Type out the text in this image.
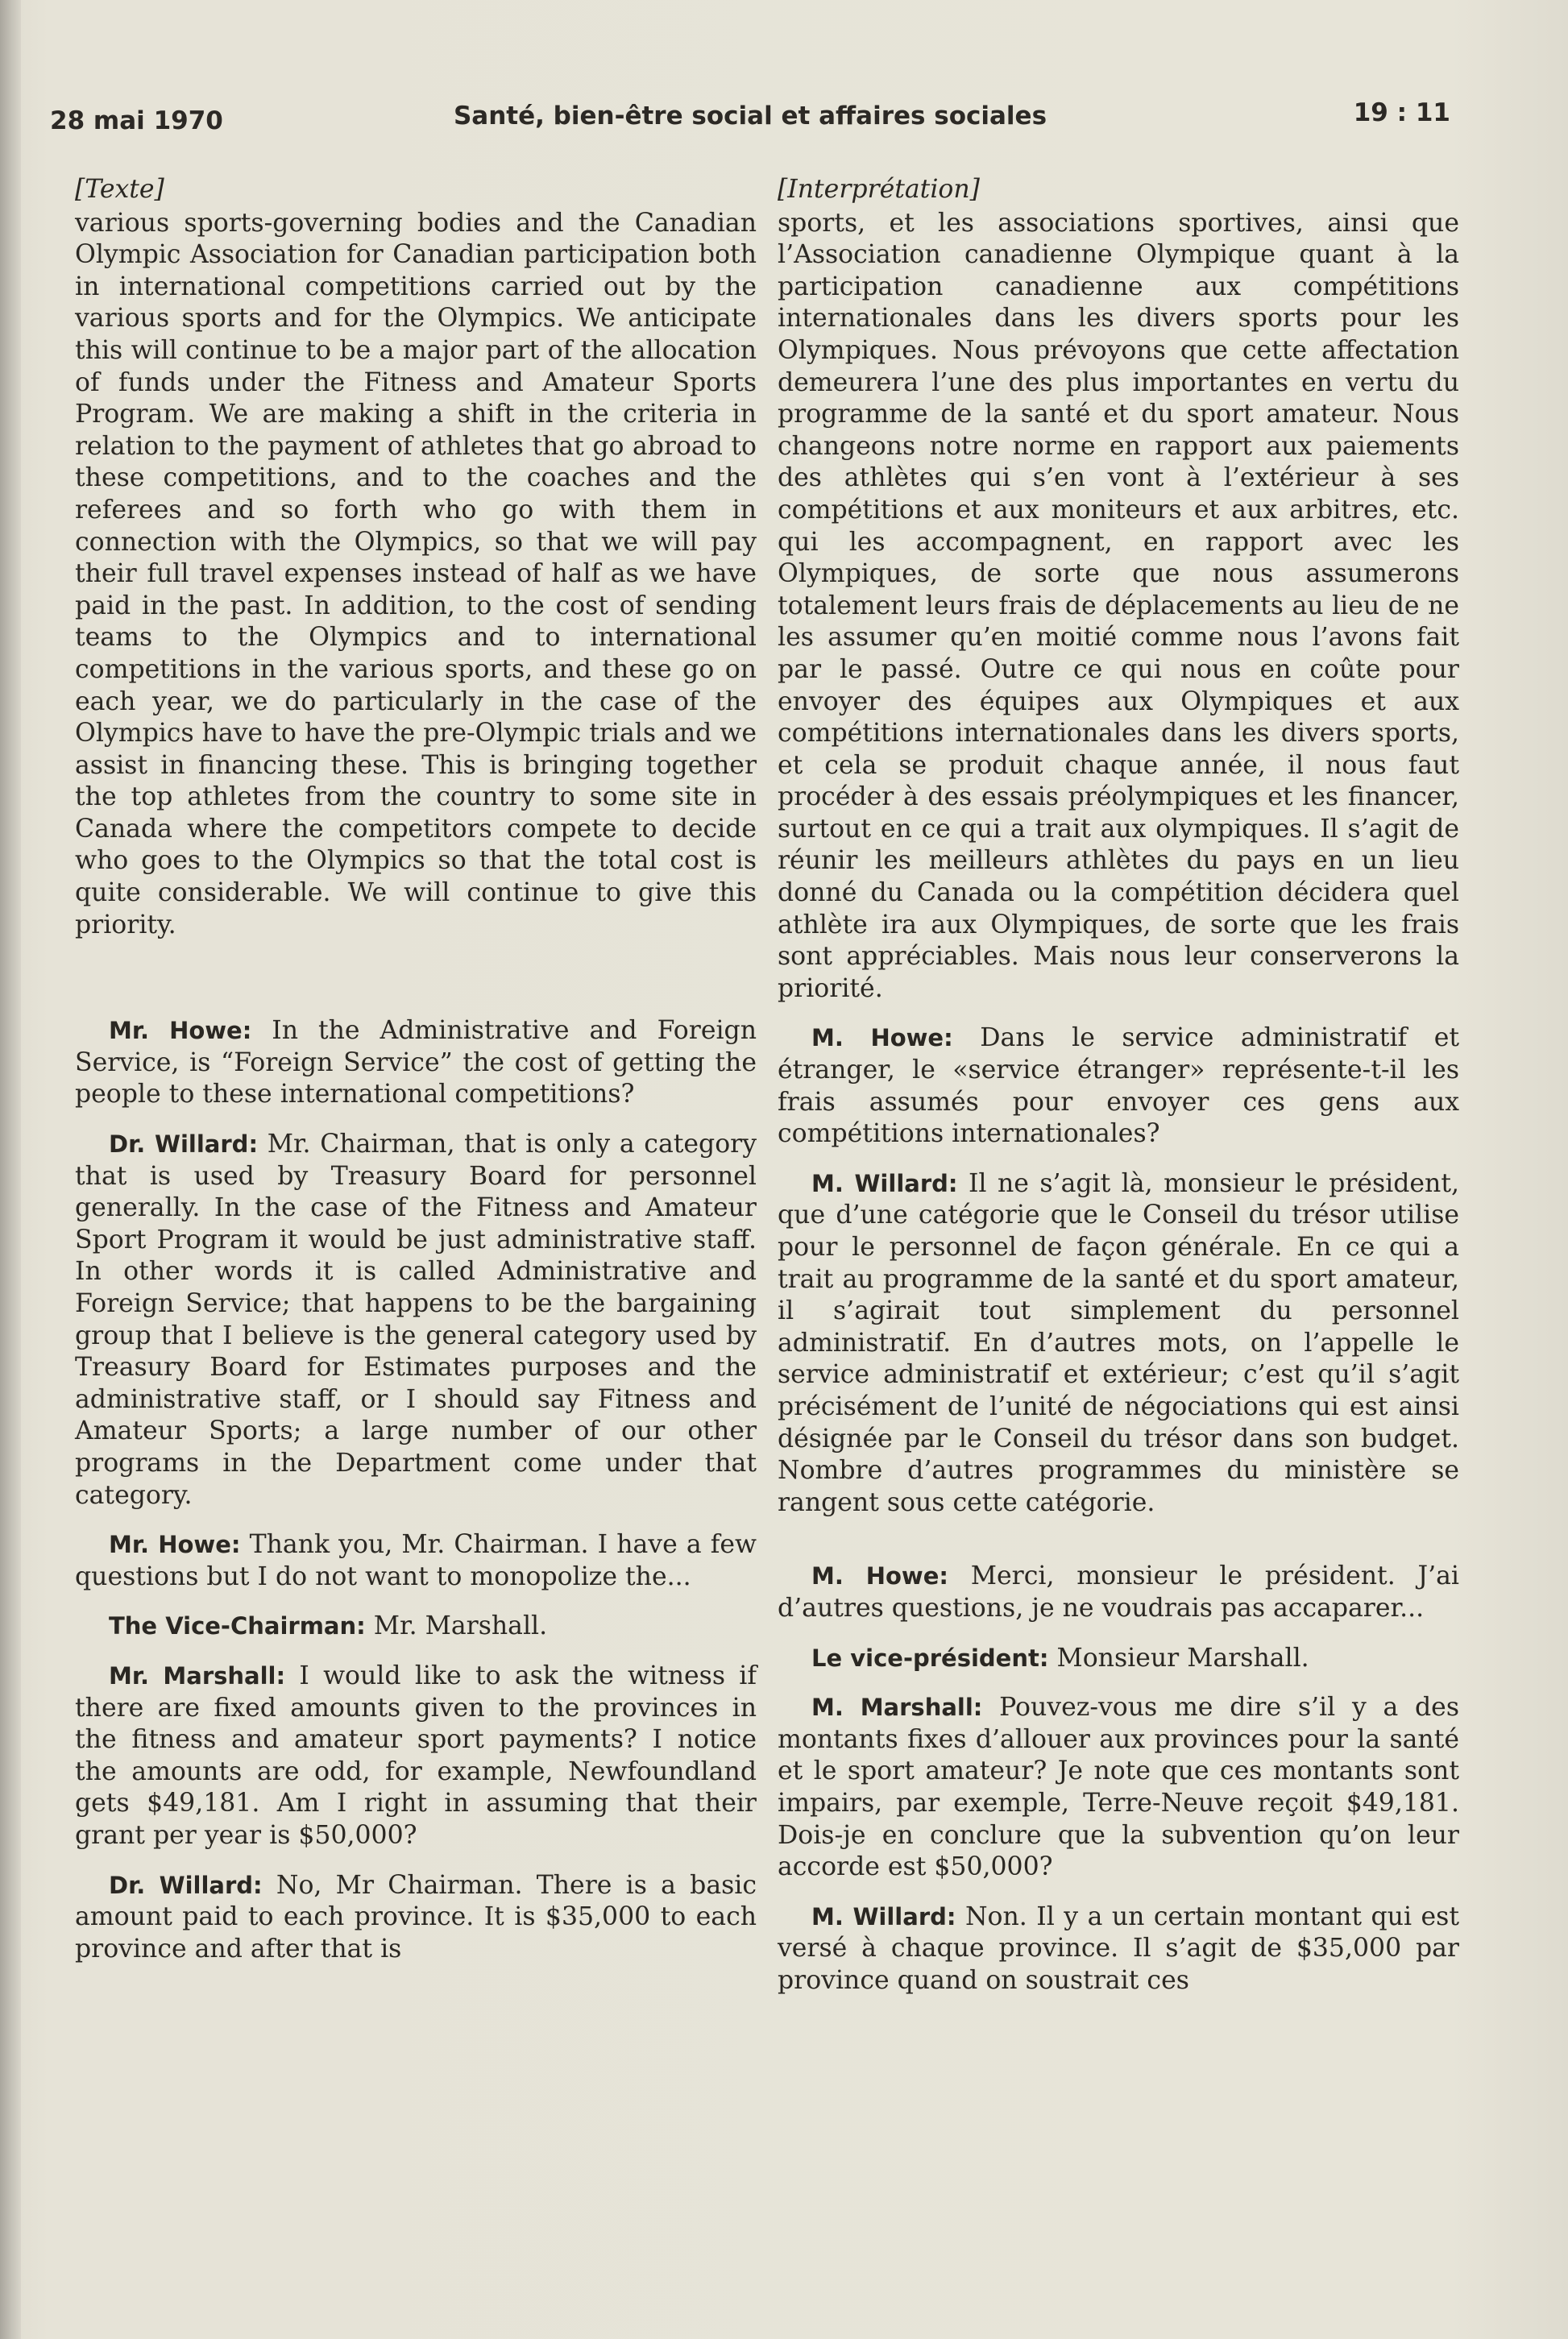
28 mai 1970	Santé, bien-être social et affaires sociales	19 : 11
[Texte]

various sports-governing bodies and the Canadian Olympic Association for Canadian participation both in international competitions carried out by the various sports and for the Olympics. We anticipate this will continue to be a major part of the allocation of funds under the Fitness and Amateur Sports Program. We are making a shift in the criteria in relation to the payment of athletes that go abroad to these competitions, and to the coaches and the referees and so forth who go with them in connection with the Olympics, so that we will pay their full travel expenses instead of half as we have paid in the past. In addition, to the cost of sending teams to the Olympics and to international competitions in the various sports, and these go on each year, we do particularly in the case of the Olympics have to have the pre-Olympic trials and we assist in financing these. This is bringing together the top athletes from the country to some site in Canada where the competitors compete to decide who goes to the Olympics so that the total cost is quite considerable. We will continue to give this priority.

Mr. Howe: In the Administrative and Foreign Service, is “Foreign Service” the cost of getting the people to these international competitions?

Dr. Willard: Mr. Chairman, that is only a category that is used by Treasury Board for personnel generally. In the case of the Fitness and Amateur Sport Program it would be just administrative staff. In other words it is called Administrative and Foreign Service; that happens to be the bargaining group that I believe is the general category used by Treasury Board for Estimates purposes and the administrative staff, or I should say Fitness and Amateur Sports; a large number of our other programs in the Department come under that category.

Mr. Howe: Thank you, Mr. Chairman. I have a few questions but I do not want to monopolize the...

The Vice-Chairman: Mr. Marshall.

Mr. Marshall: I would like to ask the witness if there are fixed amounts given to the provinces in the fitness and amateur sport payments? I notice the amounts are odd, for example, Newfoundland gets $49,181. Am I right in assuming that their grant per year is $50,000?

Dr. Willard: No, Mr Chairman. There is a basic amount paid to each province. It is $35,000 to each province and after that is

[Interprétation]

sports, et les associations sportives, ainsi que l’Association canadienne Olympique quant à la participation canadienne aux compétitions internationales dans les divers sports pour les Olympiques. Nous prévoyons que cette affectation demeurera l’une des plus importantes en vertu du programme de la santé et du sport amateur. Nous changeons notre norme en rapport aux paiements des athlètes qui s’en vont à l’extérieur à ses compétitions et aux moniteurs et aux arbitres, etc. qui les accompagnent, en rapport avec les Olympiques, de sorte que nous assumerons totalement leurs frais de déplacements au lieu de ne les assumer qu’en moitié comme nous l’avons fait par le passé. Outre ce qui nous en coûte pour envoyer des équipes aux Olympiques et aux compétitions internationales dans les divers sports, et cela se produit chaque année, il nous faut procéder à des essais préolympiques et les financer, surtout en ce qui a trait aux olympiques. Il s’agit de réunir les meilleurs athlètes du pays en un lieu donné du Canada ou la compétition décidera quel athlète ira aux Olympiques, de sorte que les frais sont appréciables. Mais nous leur conserverons la priorité.

M. Howe: Dans le service administratif et étranger, le «service étranger» représente-t-il les frais assumés pour envoyer ces gens aux compétitions internationales?

M. Willard: Il ne s’agit là, monsieur le président, que d’une catégorie que le Conseil du trésor utilise pour le personnel de façon générale. En ce qui a trait au programme de la santé et du sport amateur, il s’agirait tout simplement du personnel administratif. En d’autres mots, on l’appelle le service administratif et extérieur; c’est qu’il s’agit précisément de l’unité de négociations qui est ainsi désignée par le Conseil du trésor dans son budget. Nombre d’autres programmes du ministère se rangent sous cette catégorie.

M. Howe: Merci, monsieur le président. J’ai d’autres questions, je ne voudrais pas accaparer...

Le vice-président: Monsieur Marshall.

M. Marshall: Pouvez-vous me dire s’il y a des montants fixes d’allouer aux provinces pour la santé et le sport amateur? Je note que ces montants sont impairs, par exemple, Terre-Neuve reçoit $49,181. Dois-je en conclure que la subvention qu’on leur accorde est $50,000?

M. Willard: Non. Il y a un certain montant qui est versé à chaque province. Il s’agit de $35,000 par province quand on soustrait ces
